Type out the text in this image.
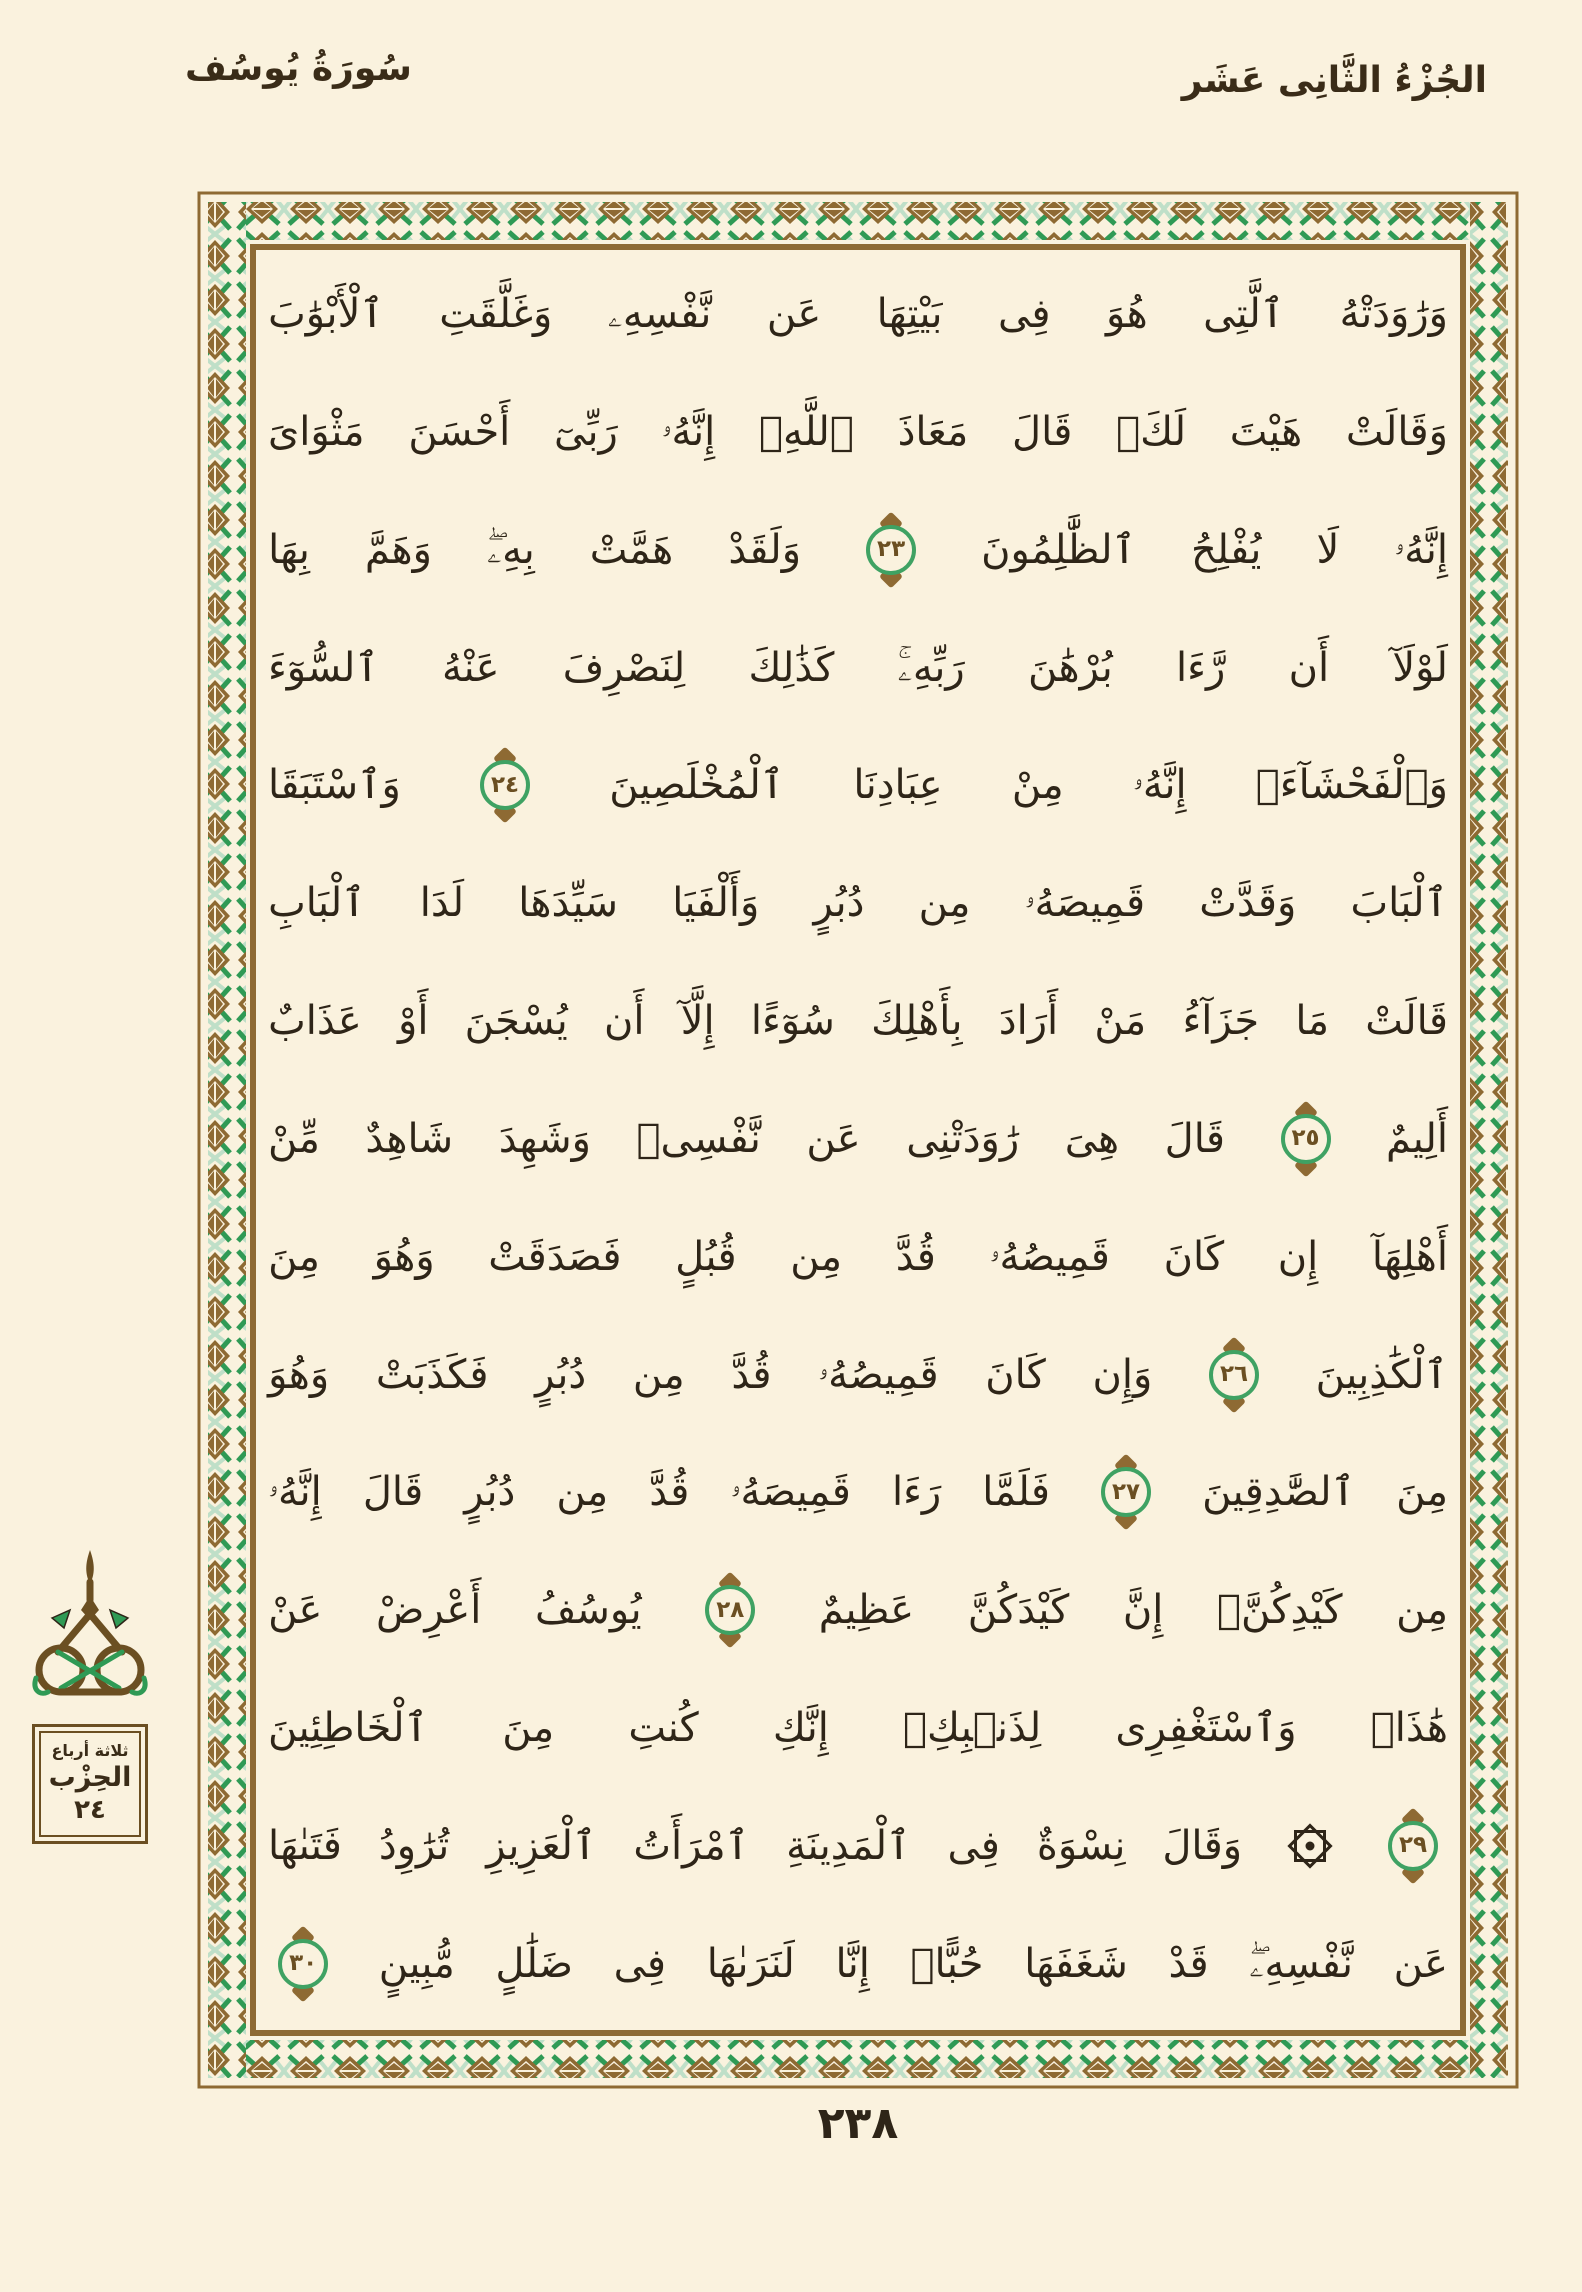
سُورَةُ يُوسُف	الجُزْءُ الثَّانِى عَشَر
وَرَٰوَدَتْهُ
ٱلَّتِى
هُوَ
فِى
بَيْتِهَا
عَن
نَّفْسِهِۦ
وَغَلَّقَتِ
ٱلْأَبْوَٰبَ
وَقَالَتْ
هَيْتَ
لَكَۚ
قَالَ
مَعَاذَ
ٱللَّهِۖ
إِنَّهُۥ
رَبِّىٓ
أَحْسَنَ
مَثْوَاىَ
إِنَّهُۥ
لَا
يُفْلِحُ
ٱلظَّٰلِمُونَ
٢٣
وَلَقَدْ
هَمَّتْ
بِهِۦۖ
وَهَمَّ
بِهَا
لَوْلَآ
أَن
رَّءَا
بُرْهَٰنَ
رَبِّهِۦۚ
كَذَٰلِكَ
لِنَصْرِفَ
عَنْهُ
ٱلسُّوٓءَ
وَٱلْفَحْشَآءَۚ
إِنَّهُۥ
مِنْ
عِبَادِنَا
ٱلْمُخْلَصِينَ
٢٤
وَٱسْتَبَقَا
ٱلْبَابَ
وَقَدَّتْ
قَمِيصَهُۥ
مِن
دُبُرٍ
وَأَلْفَيَا
سَيِّدَهَا
لَدَا
ٱلْبَابِ
قَالَتْ
مَا
جَزَآءُ
مَنْ
أَرَادَ
بِأَهْلِكَ
سُوٓءًا
إِلَّآ
أَن
يُسْجَنَ
أَوْ
عَذَابٌ
أَلِيمٌ
٢٥
قَالَ
هِىَ
رَٰوَدَتْنِى
عَن
نَّفْسِىۚ
وَشَهِدَ
شَاهِدٌ
مِّنْ
أَهْلِهَآ
إِن
كَانَ
قَمِيصُهُۥ
قُدَّ
مِن
قُبُلٍ
فَصَدَقَتْ
وَهُوَ
مِنَ
ٱلْكَٰذِبِينَ
٢٦
وَإِن
كَانَ
قَمِيصُهُۥ
قُدَّ
مِن
دُبُرٍ
فَكَذَبَتْ
وَهُوَ
مِنَ
ٱلصَّٰدِقِينَ
٢٧
فَلَمَّا
رَءَا
قَمِيصَهُۥ
قُدَّ
مِن
دُبُرٍ
قَالَ
إِنَّهُۥ
مِن
كَيْدِكُنَّۖ
إِنَّ
كَيْدَكُنَّ
عَظِيمٌ
٢٨
يُوسُفُ
أَعْرِضْ
عَنْ
هَٰذَاۚ
وَٱسْتَغْفِرِى
لِذَنۢبِكِۖ
إِنَّكِ
كُنتِ
مِنَ
ٱلْخَاطِئِينَ
٢٩
وَقَالَ
نِسْوَةٌ
فِى
ٱلْمَدِينَةِ
ٱمْرَأَتُ
ٱلْعَزِيزِ
تُرَٰوِدُ
فَتَىٰهَا
عَن
نَّفْسِهِۦۖ
قَدْ
شَغَفَهَا
حُبًّاۖ
إِنَّا
لَنَرَىٰهَا
فِى
ضَلَٰلٍ
مُّبِينٍ
٣٠
ثلاثة أرباع
الحِزْب
٢٤
٢٣٨
